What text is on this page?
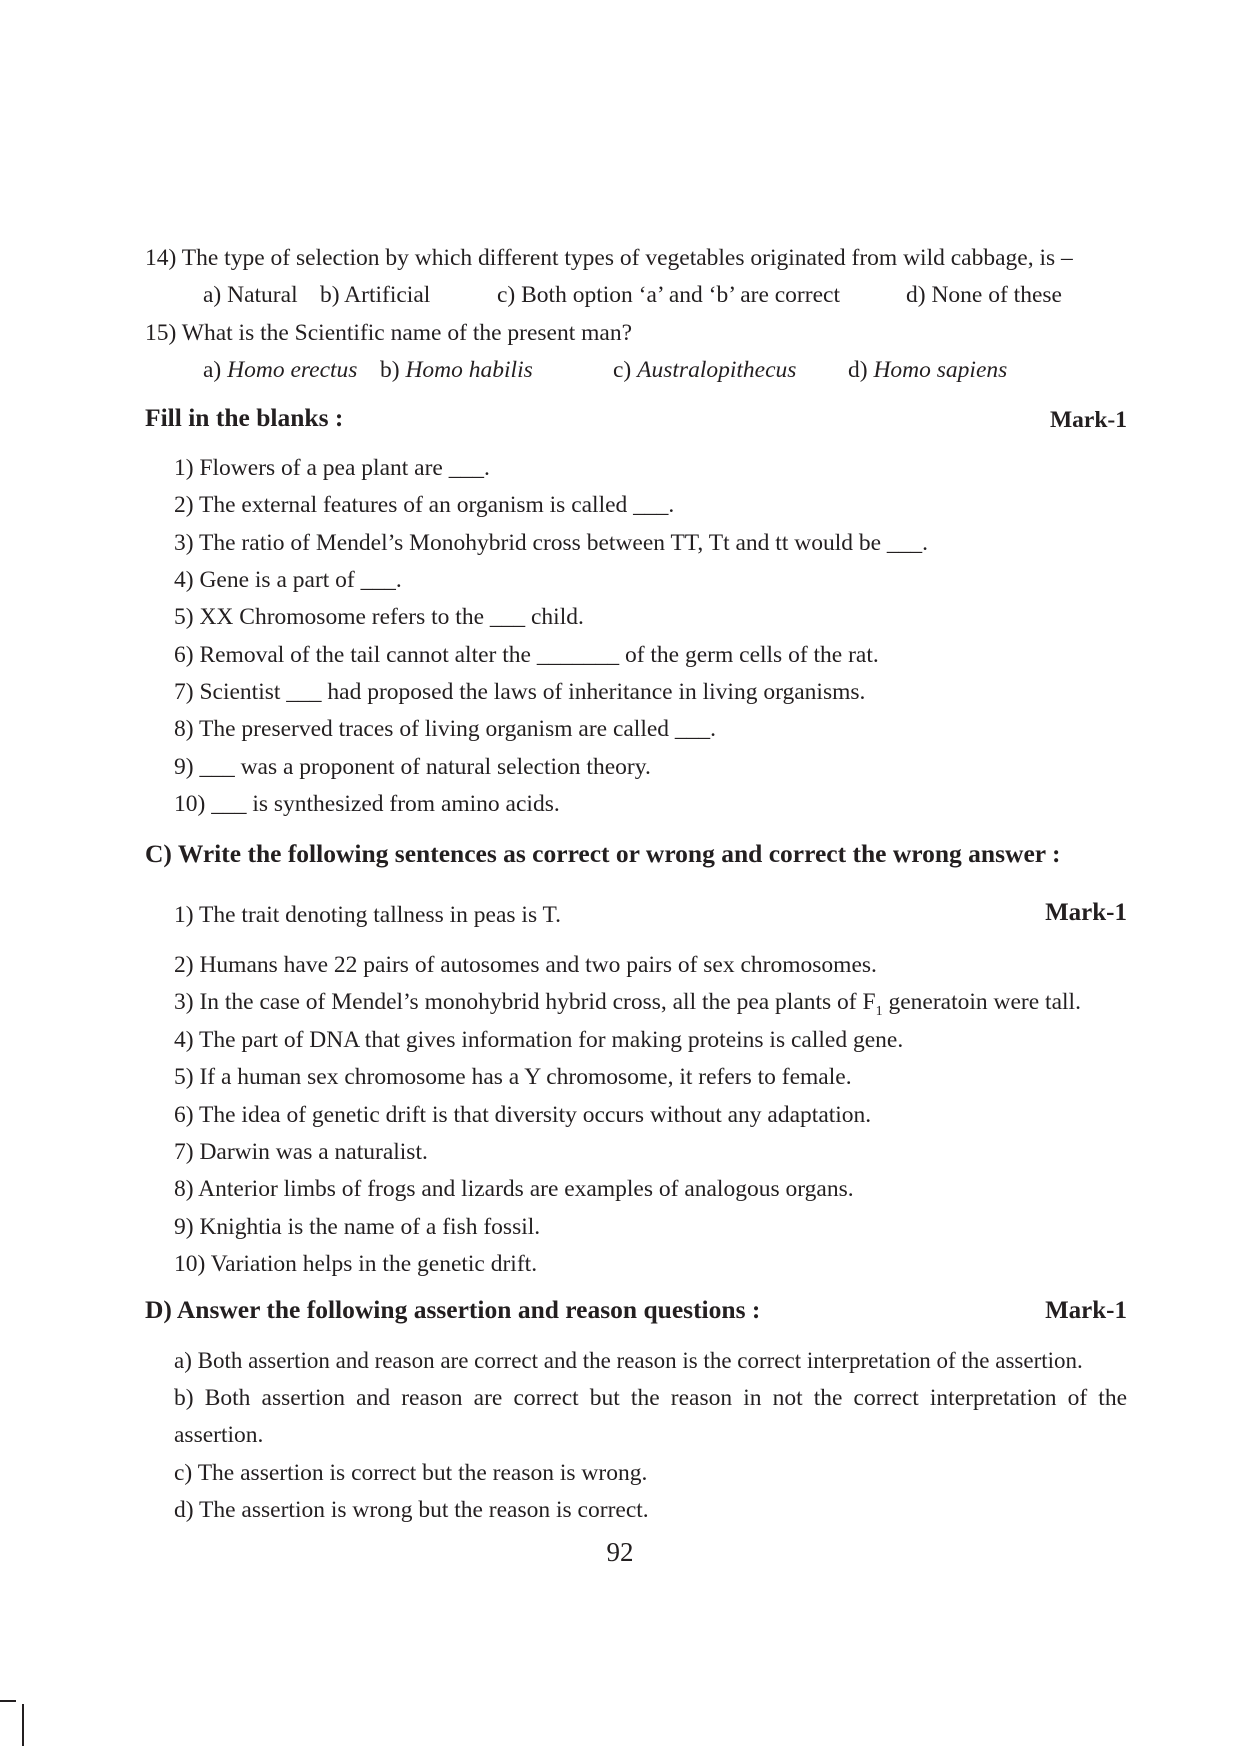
14) The type of selection by which different types of vegetables originated from wild cabbage, is –
a) Natural b) Artificial	c) Both option ‘a’ and ‘b’ are correct	d) None of these
15) What is the Scientific name of the present man?
a) Homo erectus b) Homo habilis	c) Australopithecus d) Homo sapiens
Fill in the blanks :	Mark-1
1) Flowers of a pea plant are ___.
2) The external features of an organism is called ___.
3) The ratio of Mendel’s Monohybrid cross between TT, Tt and tt would be ___.
4) Gene is a part of ___.
5) XX Chromosome refers to the ___ child.
6) Removal of the tail cannot alter the _______ of the germ cells of the rat.
7) Scientist ___ had proposed the laws of inheritance in living organisms.
8) The preserved traces of living organism are called ___.
9) ___ was a proponent of natural selection theory.
10) ___ is synthesized from amino acids.
C) Write the following sentences as correct or wrong and correct the wrong answer :
1) The trait denoting tallness in peas is T.	Mark-1
2) Humans have 22 pairs of autosomes and two pairs of sex chromosomes.
3) In the case of Mendel’s monohybrid hybrid cross, all the pea plants of $F_1$ generatoin were tall.
4) The part of DNA that gives information for making proteins is called gene.
5) If a human sex chromosome has a Y chromosome, it refers to female.
6) The idea of genetic drift is that diversity occurs without any adaptation.
7) Darwin was a naturalist.
8) Anterior limbs of frogs and lizards are examples of analogous organs.
9) Knightia is the name of a fish fossil.
10) Variation helps in the genetic drift.
D) Answer the following assertion and reason questions :	Mark-1
a) Both assertion and reason are correct and the reason is the correct interpretation of the assertion.
b) Both assertion and reason are correct but the reason in not the correct interpretation of the assertion.
c) The assertion is correct but the reason is wrong.
d) The assertion is wrong but the reason is correct.
92
